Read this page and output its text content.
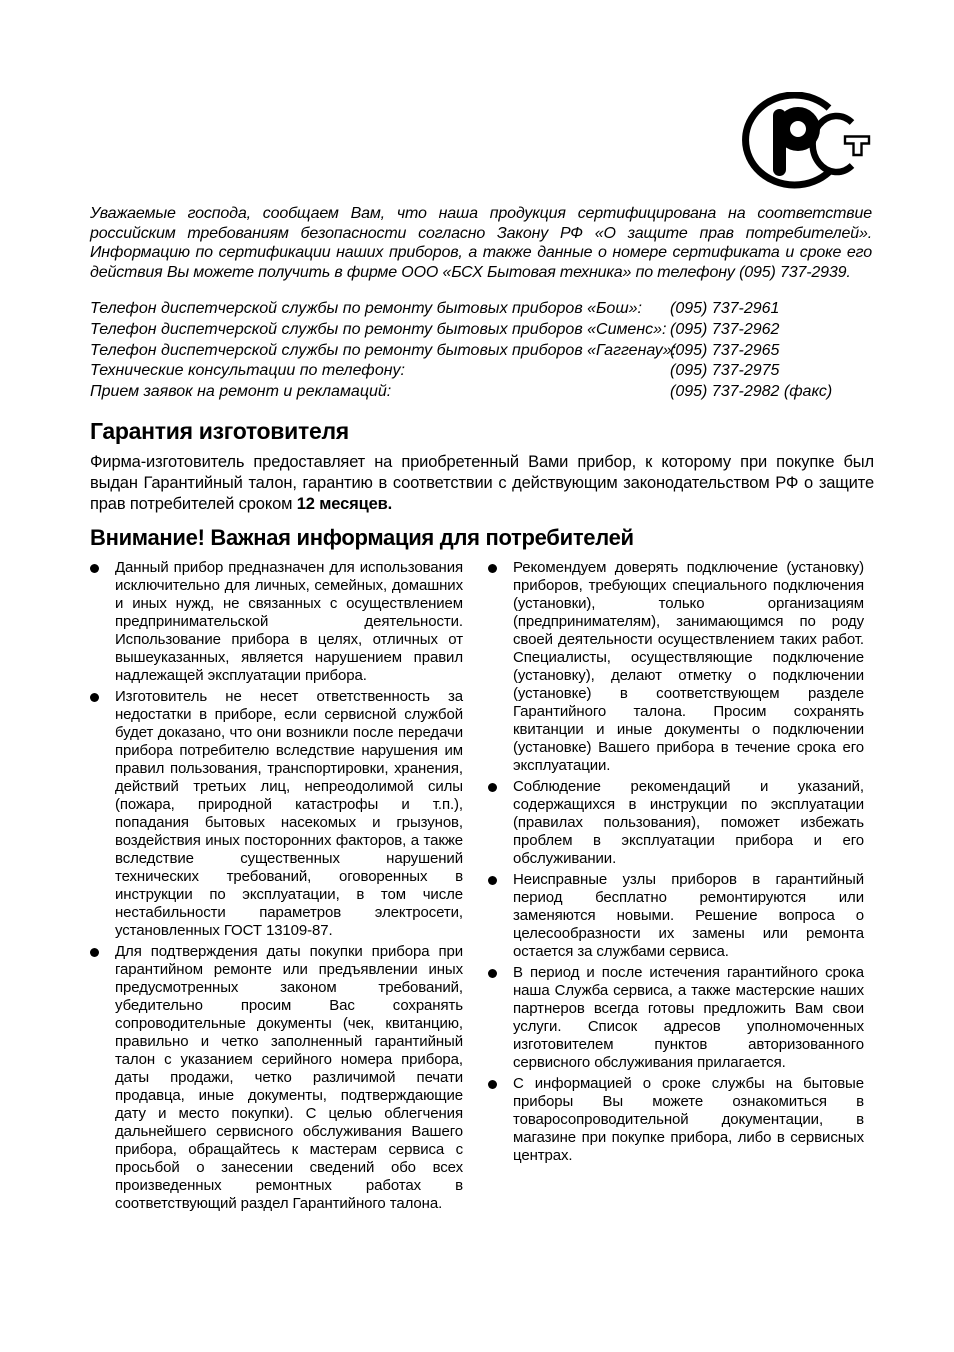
Уважаемые господа, сообщаем Вам, что наша продукция сертифицирована на соответствие российским требованиям безопасности согласно Закону РФ «О защите прав потребителей». Информацию по сертификации наших приборов, а также данные о номере сертификата и сроке его действия Вы можете получить в фирме ООО «БСХ Бытовая техника» по телефону (095) 737-2939.

Телефон диспетчерской службы по ремонту бытовых приборов «Бош»: (095) 737-2961
Телефон диспетчерской службы по ремонту бытовых приборов «Сименс»: (095) 737-2962
Телефон диспетчерской службы по ремонту бытовых приборов «Гаггенау»:
(095) 737-2965
Технические консультации по телефону:	(095) 737-2975
Прием заявок на ремонт и рекламаций:	(095) 737-2982 (факс)
Гарантия изготовителя

Фирма-изготовитель предоставляет на приобретенный Вами прибор, к которому при покупке был выдан Гарантийный талон, гарантию в соответствии с действующим законодательством РФ о защите прав потребителей сроком 12 месяцев.

Внимание! Важная информация для потребителей

Данный прибор предназначен для использования исключительно для личных, семейных, домашних и иных нужд, не связанных с осуществлением предпринимательской деятельности. Использование прибора в целях, отличных от вышеуказанных, является нарушением правил надлежащей эксплуатации прибора.

Изготовитель не несет ответственность за недостатки в приборе, если сервисной службой будет доказано, что они возникли после передачи прибора потребителю вследствие нарушения им правил пользования, транспортировки, хранения, действий третьих лиц, непреодолимой силы (пожара, природной катастрофы и т.п.), попадания бытовых насекомых и грызунов, воздействия иных посторонних факторов, а также вследствие существенных нарушений технических требований, оговоренных в инструкции по эксплуатации, в том числе нестабильности параметров электросети, установленных ГОСТ 13109-87.

Для подтверждения даты покупки прибора при гарантийном ремонте или предъявлении иных предусмотренных законом требований, убедительно просим Вас сохранять сопроводительные документы (чек, квитанцию, правильно и четко заполненный гарантийный талон с указанием серийного номера прибора, даты продажи, четко различимой печати продавца, иные документы, подтверждающие дату и место покупки). С целью облегчения дальнейшего сервисного обслуживания Вашего прибора, обращайтесь к мастерам сервиса с просьбой о занесении сведений обо всех произведенных ремонтных работах в соответствующий раздел Гарантийного талона.

Рекомендуем доверять подключение (установку) приборов, требующих специального подключения (установки), только организациям (предпринимателям), занимающимся по роду своей деятельности осуществлением таких работ. Специалисты, осуществляющие подключение (установку), делают отметку о подключении (установке) в соответствующем разделе Гарантийного талона. Просим сохранять квитанции и иные документы о подключении (установке) Вашего прибора в течение срока его эксплуатации.

Соблюдение рекомендаций и указаний, содержащихся в инструкции по эксплуатации (правилах пользования), поможет избежать проблем в эксплуатации прибора и его обслуживании.

Неисправные узлы приборов в гарантийный период бесплатно ремонтируются или заменяются новыми. Решение вопроса о целесообразности их замены или ремонта остается за службами сервиса.

В период и после истечения гарантийного срока наша Служба сервиса, а также мастерские наших партнеров всегда готовы предложить Вам свои услуги. Список адресов уполномоченных изготовителем пунктов авторизованного сервисного обслуживания прилагается.

С информацией о сроке службы на бытовые приборы Вы можете ознакомиться в товаросопроводительной документации, в магазине при покупке прибора, либо в сервисных центрах.
